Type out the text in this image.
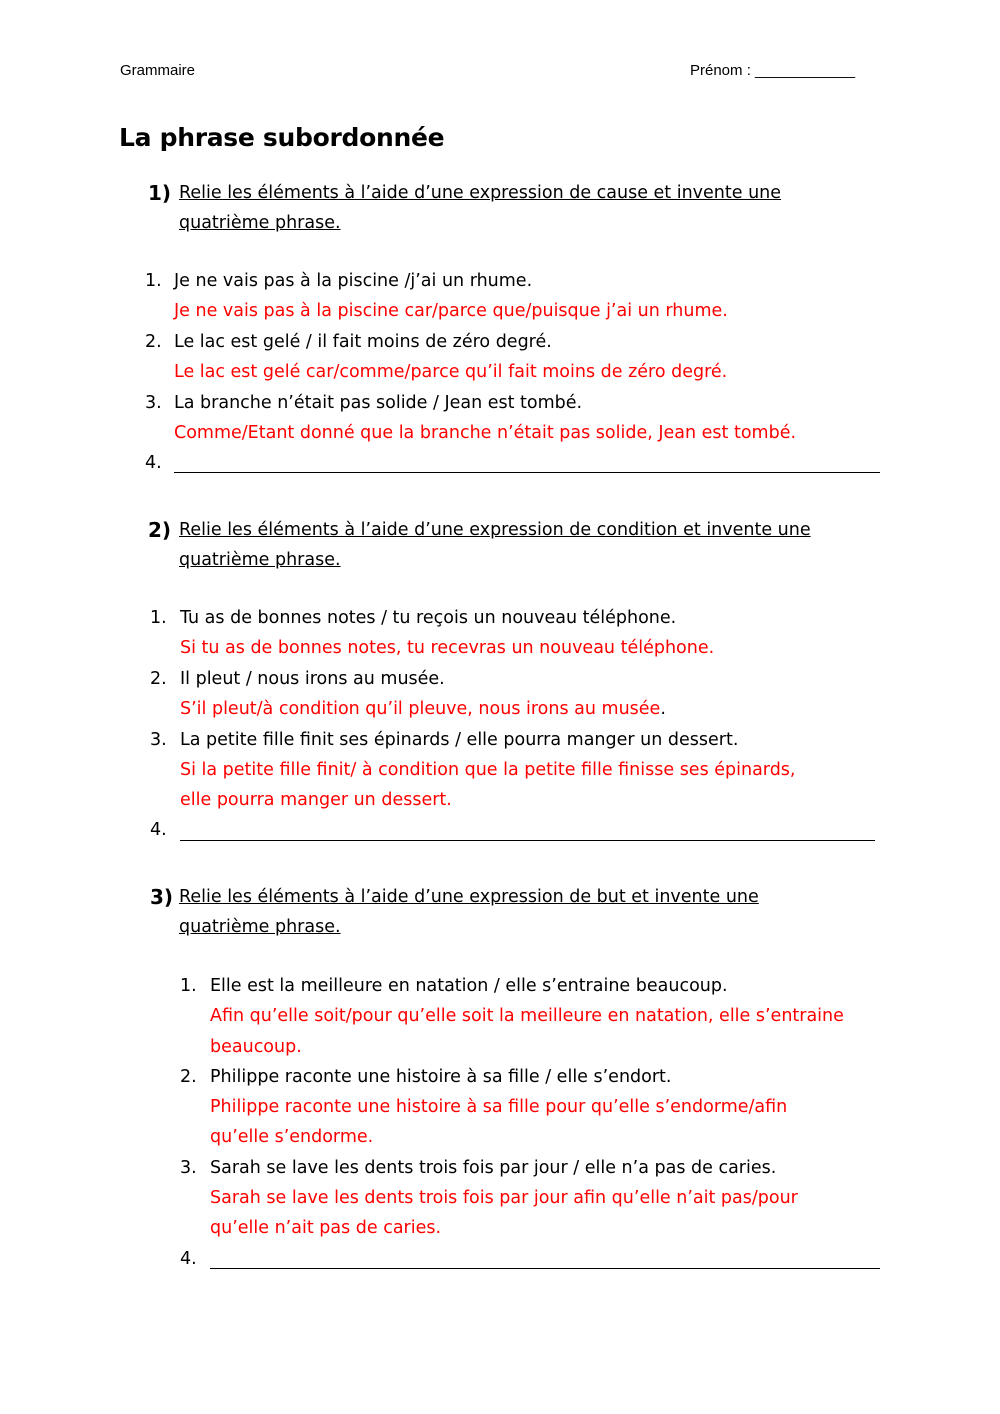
Grammaire	Prénom : ____________
La phrase subordonnée
1) Relie les éléments à l’aide d’une expression de cause et invente une
quatrième phrase.
1. Je ne vais pas à la piscine /j’ai un rhume.
Je ne vais pas à la piscine car/parce que/puisque j’ai un rhume.
2. Le lac est gelé / il fait moins de zéro degré.
Le lac est gelé car/comme/parce qu’il fait moins de zéro degré.
3. La branche n’était pas solide / Jean est tombé.
Comme/Etant donné que la branche n’était pas solide, Jean est tombé.
4.
2) Relie les éléments à l’aide d’une expression de condition et invente une
quatrième phrase.
1. Tu as de bonnes notes / tu reçois un nouveau téléphone.
Si tu as de bonnes notes, tu recevras un nouveau téléphone.
2. Il pleut / nous irons au musée.
S’il pleut/à condition qu’il pleuve, nous irons au musée.
3. La petite fille finit ses épinards / elle pourra manger un dessert.
Si la petite fille finit/ à condition que la petite fille finisse ses épinards,
elle pourra manger un dessert.
4.
3) Relie les éléments à l’aide d’une expression de but et invente une
quatrième phrase.
1. Elle est la meilleure en natation / elle s’entraine beaucoup.
Afin qu’elle soit/pour qu’elle soit la meilleure en natation, elle s’entraine
beaucoup.
2. Philippe raconte une histoire à sa fille / elle s’endort.
Philippe raconte une histoire à sa fille pour qu’elle s’endorme/afin
qu’elle s’endorme.
3. Sarah se lave les dents trois fois par jour / elle n’a pas de caries.
Sarah se lave les dents trois fois par jour afin qu’elle n’ait pas/pour
qu’elle n’ait pas de caries.
4.
